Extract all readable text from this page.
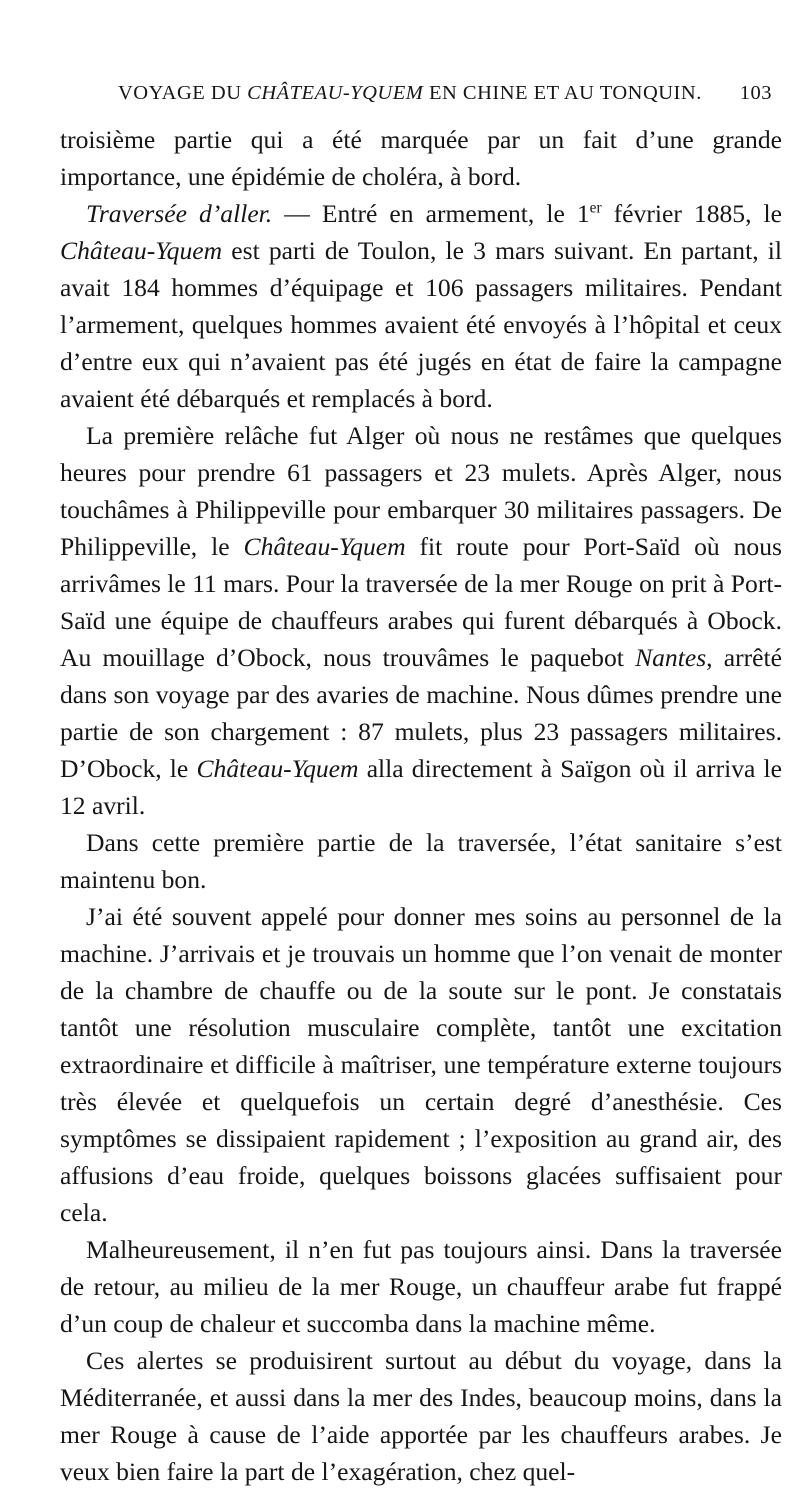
VOYAGE DU CHÂTEAU-YQUEM EN CHINE ET AU TONQUIN. 103

troisième partie qui a été marquée par un fait d’une grande importance, une épidémie de choléra, à bord.

Traversée d’aller. — Entré en armement, le 1er février 1885, le Château-Yquem est parti de Toulon, le 3 mars suivant. En partant, il avait 184 hommes d’équipage et 106 passagers militaires. Pendant l’armement, quelques hommes avaient été envoyés à l’hôpital et ceux d’entre eux qui n’avaient pas été jugés en état de faire la campagne avaient été débarqués et remplacés à bord.

La première relâche fut Alger où nous ne restâmes que quelques heures pour prendre 61 passagers et 23 mulets. Après Alger, nous touchâmes à Philippeville pour embarquer 30 militaires passagers. De Philippeville, le Château-Yquem fit route pour Port-Saïd où nous arrivâmes le 11 mars. Pour la traversée de la mer Rouge on prit à Port-Saïd une équipe de chauffeurs arabes qui furent débarqués à Obock. Au mouillage d’Obock, nous trouvâmes le paquebot Nantes, arrêté dans son voyage par des avaries de machine. Nous dûmes prendre une partie de son chargement : 87 mulets, plus 23 passagers militaires. D’Obock, le Château-Yquem alla directement à Saïgon où il arriva le 12 avril.

Dans cette première partie de la traversée, l’état sanitaire s’est maintenu bon.

J’ai été souvent appelé pour donner mes soins au personnel de la machine. J’arrivais et je trouvais un homme que l’on venait de monter de la chambre de chauffe ou de la soute sur le pont. Je constatais tantôt une résolution musculaire complète, tantôt une excitation extraordinaire et difficile à maîtriser, une température externe toujours très élevée et quelquefois un certain degré d’anesthésie. Ces symptômes se dissipaient rapidement ; l’exposition au grand air, des affusions d’eau froide, quelques boissons glacées suffisaient pour cela.

Malheureusement, il n’en fut pas toujours ainsi. Dans la traversée de retour, au milieu de la mer Rouge, un chauffeur arabe fut frappé d’un coup de chaleur et succomba dans la machine même.

Ces alertes se produisirent surtout au début du voyage, dans la Méditerranée, et aussi dans la mer des Indes, beaucoup moins, dans la mer Rouge à cause de l’aide apportée par les chauffeurs arabes. Je veux bien faire la part de l’exagération, chez quel-
